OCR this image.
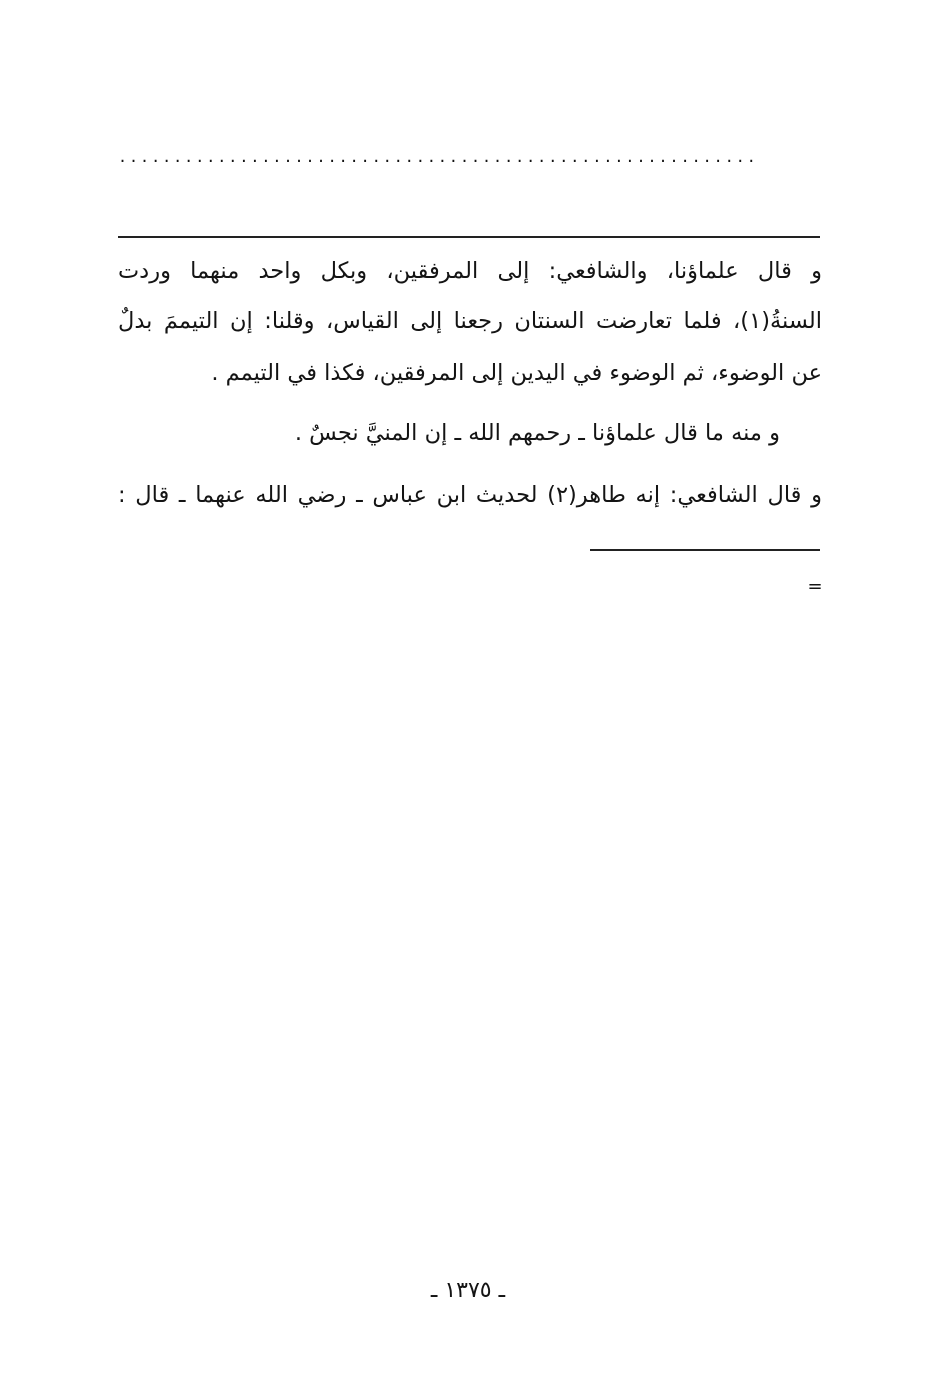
..........................................................
و قال علماؤنا، والشافعي: إلى المرفقين، وبكل واحد منهما وردت
السنةُ(١)، فلما تعارضت السنتان رجعنا إلى القياس، وقلنا: إن التيممَ بدلٌ
عن الوضوء، ثم الوضوء في اليدين إلى المرفقين، فكذا في التيمم .
و منه ما قال علماؤنا ـ رحمهم الله ـ إن المنيَّ نجسٌ .
و قال الشافعي: إنه طاهر(٢) لحديث ابن عباس ـ رضي الله عنهما ـ قال :
=
ـ ١٣٧٥ ـ
